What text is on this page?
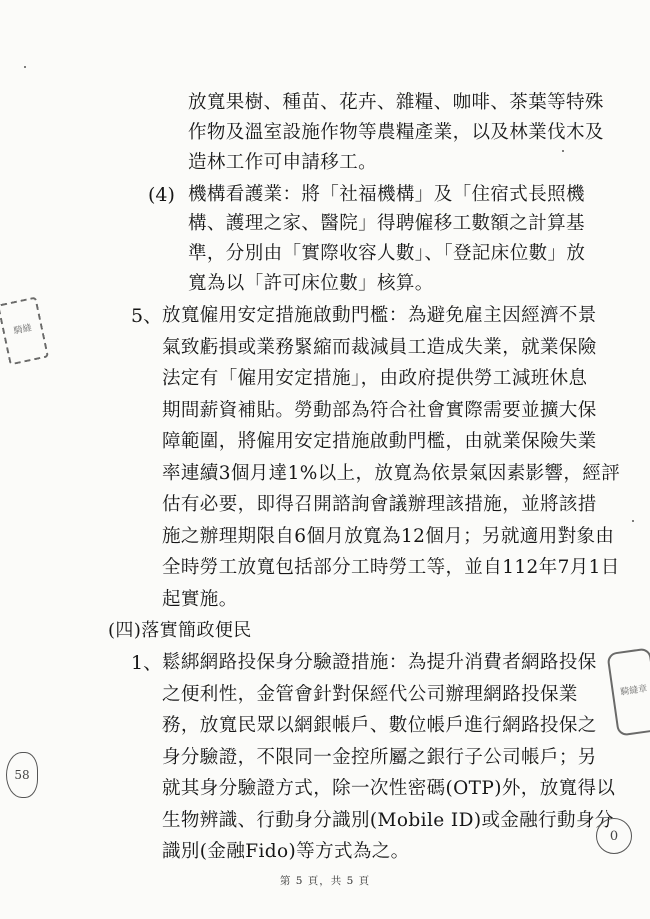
放寬果樹、種苗、花卉、雜糧、咖啡、茶葉等特殊
作物及溫室設施作物等農糧產業，以及林業伐木及
造林工作可申請移工。
(4) 機構看護業：將「社福機構」及「住宿式長照機
構、護理之家、醫院」得聘僱移工數額之計算基
準，分別由「實際收容人數」、「登記床位數」放
寬為以「許可床位數」核算。
5、 放寬僱用安定措施啟動門檻：為避免雇主因經濟不景
氣致虧損或業務緊縮而裁減員工造成失業，就業保險
法定有「僱用安定措施」，由政府提供勞工減班休息
期間薪資補貼。勞動部為符合社會實際需要並擴大保
障範圍，將僱用安定措施啟動門檻，由就業保險失業
率連續3個月達1%以上，放寬為依景氣因素影響，經評
估有必要，即得召開諮詢會議辦理該措施，並將該措
施之辦理期限自6個月放寬為12個月；另就適用對象由
全時勞工放寬包括部分工時勞工等，並自112年7月1日
起實施。
(四)落實簡政便民
1、 鬆綁網路投保身分驗證措施：為提升消費者網路投保
之便利性，金管會針對保經代公司辦理網路投保業
務，放寬民眾以網銀帳戶、數位帳戶進行網路投保之
身分驗證，不限同一金控所屬之銀行子公司帳戶；另
就其身分驗證方式，除一次性密碼(OTP)外，放寬得以
生物辨識、行動身分識別(Mobile ID)或金融行動身分
識別(金融Fido)等方式為之。
第 5 頁，共 5 頁
騎縫
騎縫章
58
0
